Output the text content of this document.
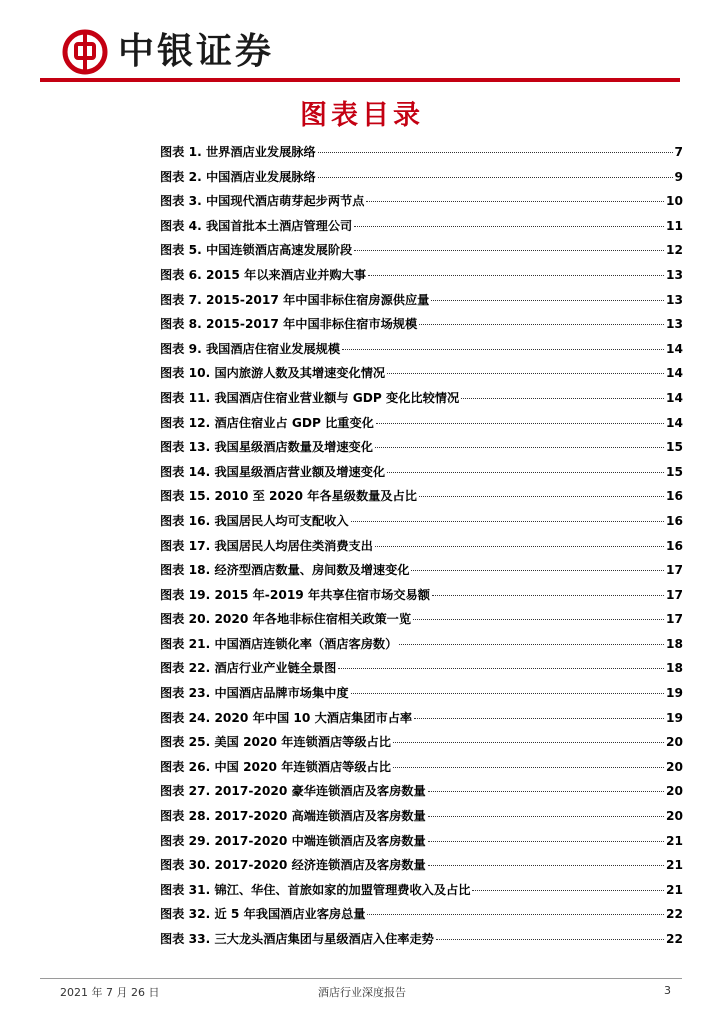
中银证券
图表目录
图表 1. 世界酒店业发展脉络	7
图表 2. 中国酒店业发展脉络	9
图表 3. 中国现代酒店萌芽起步两节点	10
图表 4. 我国首批本土酒店管理公司	11
图表 5. 中国连锁酒店高速发展阶段	12
图表 6. 2015 年以来酒店业并购大事	13
图表 7. 2015-2017 年中国非标住宿房源供应量	13
图表 8. 2015-2017 年中国非标住宿市场规模	13
图表 9. 我国酒店住宿业发展规模	14
图表 10. 国内旅游人数及其增速变化情况	14
图表 11. 我国酒店住宿业营业额与 GDP 变化比较情况	14
图表 12. 酒店住宿业占 GDP 比重变化	14
图表 13. 我国星级酒店数量及增速变化	15
图表 14. 我国星级酒店营业额及增速变化	15
图表 15. 2010 至 2020 年各星级数量及占比	16
图表 16. 我国居民人均可支配收入	16
图表 17. 我国居民人均居住类消费支出	16
图表 18. 经济型酒店数量、房间数及增速变化	17
图表 19. 2015 年-2019 年共享住宿市场交易额	17
图表 20. 2020 年各地非标住宿相关政策一览	17
图表 21. 中国酒店连锁化率（酒店客房数）	18
图表 22. 酒店行业产业链全景图	18
图表 23. 中国酒店品牌市场集中度	19
图表 24. 2020 年中国 10 大酒店集团市占率	19
图表 25. 美国 2020 年连锁酒店等级占比	20
图表 26. 中国 2020 年连锁酒店等级占比	20
图表 27. 2017-2020 豪华连锁酒店及客房数量	20
图表 28. 2017-2020 高端连锁酒店及客房数量	20
图表 29. 2017-2020 中端连锁酒店及客房数量	21
图表 30. 2017-2020 经济连锁酒店及客房数量	21
图表 31. 锦江、华住、首旅如家的加盟管理费收入及占比	21
图表 32. 近 5 年我国酒店业客房总量	22
图表 33. 三大龙头酒店集团与星级酒店入住率走势	22
2021 年 7 月 26 日	酒店行业深度报告	3
